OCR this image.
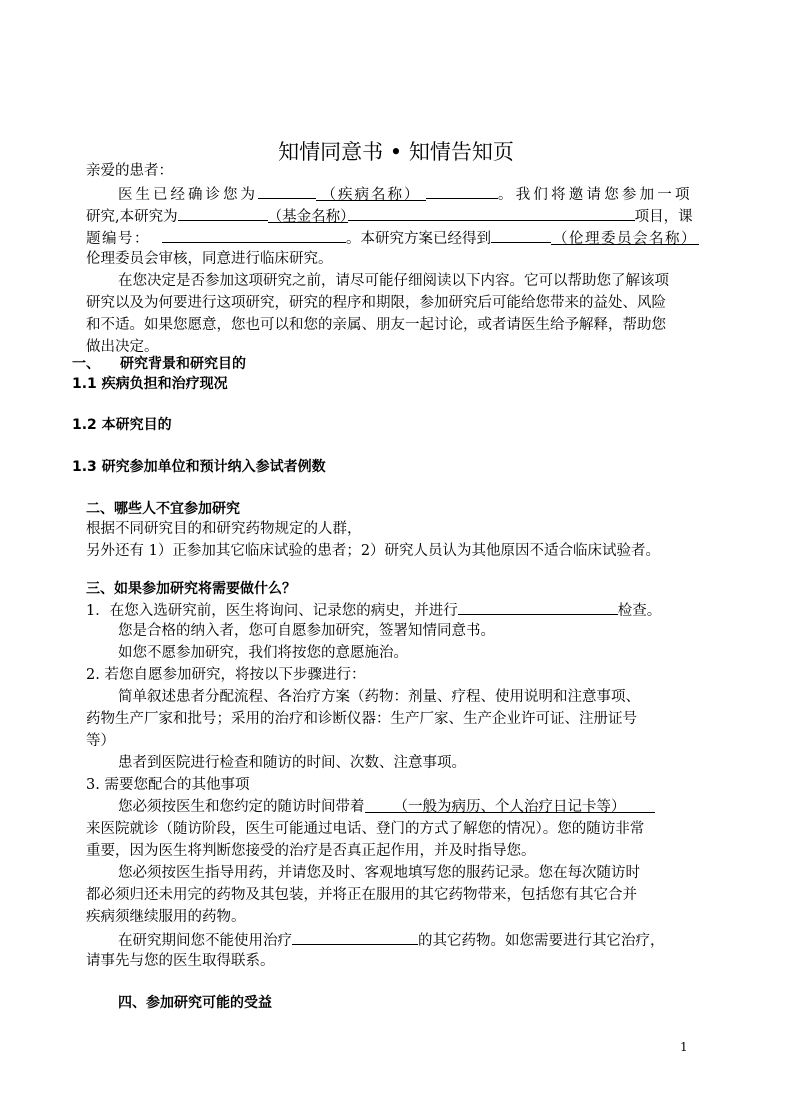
知情同意书 • 知情告知页
亲爱的患者：
医生已经确诊您为	（疾病名称）	。我们将邀请您参加一项
研究,本研究为	（基金名称）	项目，课
题编号：	。本研究方案已经得到	（伦理委员会名称）
伦理委员会审核，同意进行临床研究。
在您决定是否参加这项研究之前，请尽可能仔细阅读以下内容。它可以帮助您了解该项
研究以及为何要进行这项研究，研究的程序和期限，参加研究后可能给您带来的益处、风险
和不适。如果您愿意，您也可以和您的亲属、朋友一起讨论，或者请医生给予解释，帮助您
做出决定。
一、 研究背景和研究目的
1.1 疾病负担和治疗现况
1.2 本研究目的
1.3 研究参加单位和预计纳入参试者例数
二、哪些人不宜参加研究
根据不同研究目的和研究药物规定的人群，
另外还有 1）正参加其它临床试验的患者；2）研究人员认为其他原因不适合临床试验者。
三、如果参加研究将需要做什么？
1．在您入选研究前，医生将询问、记录您的病史，并进行	检查。
您是合格的纳入者，您可自愿参加研究，签署知情同意书。
如您不愿参加研究，我们将按您的意愿施治。
2. 若您自愿参加研究，将按以下步骤进行：
简单叙述患者分配流程、各治疗方案（药物：剂量、疗程、使用说明和注意事项、
药物生产厂家和批号；采用的治疗和诊断仪器：生产厂家、生产企业许可证、注册证号
等）
患者到医院进行检查和随访的时间、次数、注意事项。
3. 需要您配合的其他事项
您必须按医生和您约定的随访时间带着 （一般为病历、个人治疗日记卡等）
来医院就诊（随访阶段，医生可能通过电话、登门的方式了解您的情况）。您的随访非常
重要，因为医生将判断您接受的治疗是否真正起作用，并及时指导您。
您必须按医生指导用药，并请您及时、客观地填写您的服药记录。您在每次随访时
都必须归还未用完的药物及其包装，并将正在服用的其它药物带来，包括您有其它合并
疾病须继续服用的药物。
在研究期间您不能使用治疗	的其它药物。如您需要进行其它治疗，
请事先与您的医生取得联系。
四、参加研究可能的受益
1
